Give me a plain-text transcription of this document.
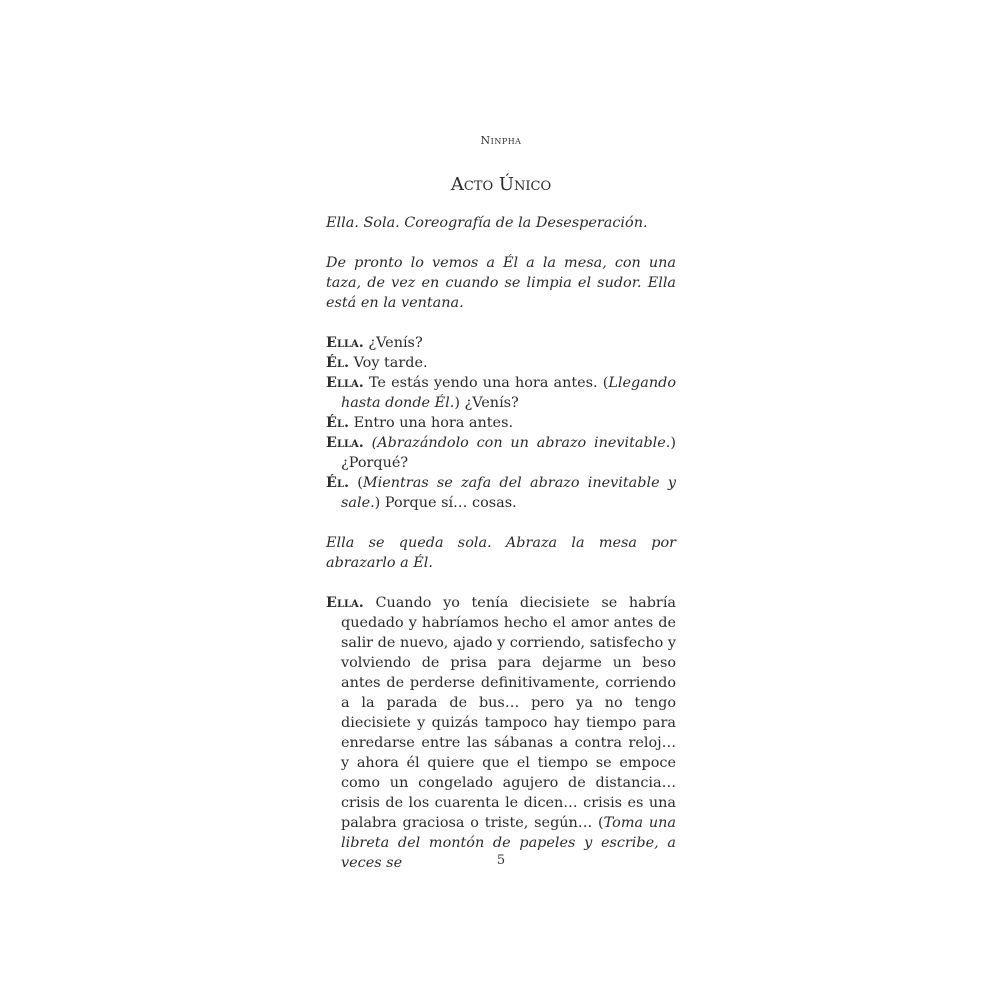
Ninpha
Acto Único

Ella. Sola. Coreografía de la Desesperación.

De pronto lo vemos a Él a la mesa, con una taza, de vez en cuando se limpia el sudor. Ella está en la ventana.

Ella. ¿Venís?

Él. Voy tarde.

Ella. Te estás yendo una hora antes. (Llegando hasta donde Él.) ¿Venís?

Él. Entro una hora antes.

Ella. (Abrazándolo con un abrazo inevitable.) ¿Porqué?

Él. (Mientras se zafa del abrazo inevitable y sale.) Porque sí… cosas.

Ella se queda sola. Abraza la mesa por abrazarlo a Él.

Ella. Cuando yo tenía diecisiete se habría quedado y habríamos hecho el amor antes de salir de nuevo, ajado y corriendo, satisfecho y volviendo de prisa para dejarme un beso antes de perderse definitivamente, corriendo a la parada de bus… pero ya no tengo diecisiete y quizás tampoco hay tiempo para enredarse entre las sábanas a contra reloj… y ahora él quiere que el tiempo se empoce como un congelado agujero de distancia… crisis de los cuarenta le dicen… crisis es una palabra graciosa o triste, según… (Toma una libreta del montón de papeles y escribe, a veces se	5
